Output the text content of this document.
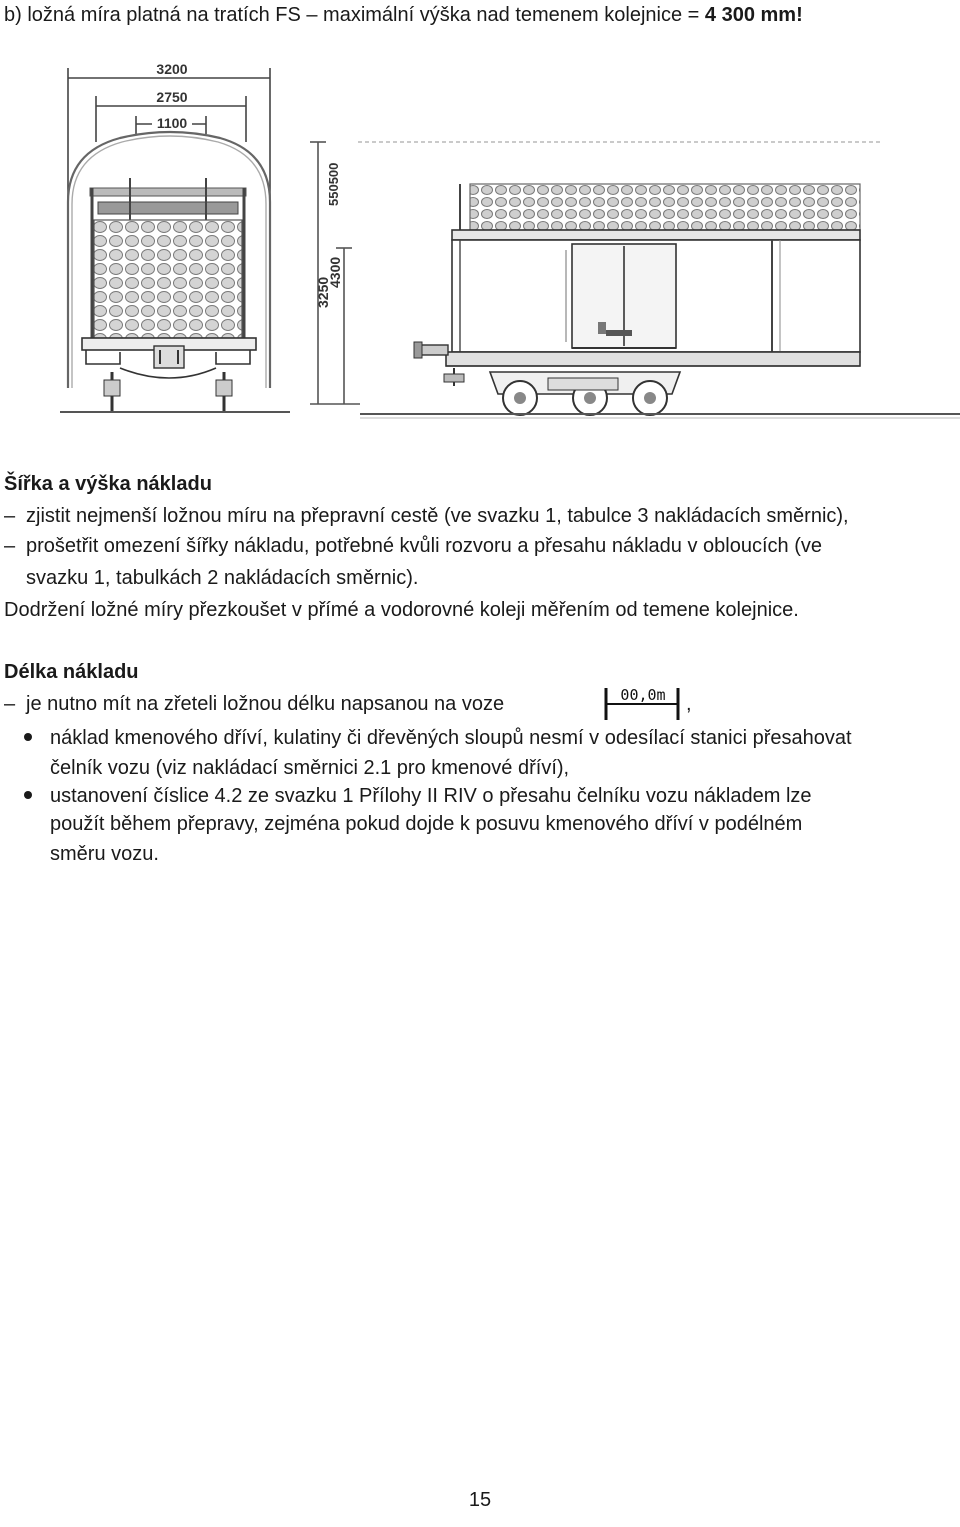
b) ložná míra platná na tratích FS – maximální výška nad temenem kolejnice = 4 300 mm!
3200
2750
1100
3250
4300
550500
Šířka a výška nákladu
– zjistit nejmenší ložnou míru na přepravní cestě (ve svazku 1, tabulce 3 nakládacích směrnic),
– prošetřit omezení šířky nákladu, potřebné kvůli rozvoru a přesahu nákladu v obloucích (ve
svazku 1, tabulkách 2 nakládacích směrnic).
Dodržení ložné míry přezkoušet v přímé a vodorovné koleji měřením od temene kolejnice.
Délka nákladu
– je nutno mít na zřeteli ložnou délku napsanou na voze	,
00,0m
náklad kmenového dříví, kulatiny či dřevěných sloupů nesmí v odesílací stanici přesahovat
čelník vozu (viz nakládací směrnici 2.1 pro kmenové dříví),
ustanovení číslice 4.2 ze svazku 1 Přílohy II RIV o přesahu čelníku vozu nákladem lze
použít během přepravy, zejména pokud dojde k posuvu kmenového dříví v podélném
směru vozu.
15
